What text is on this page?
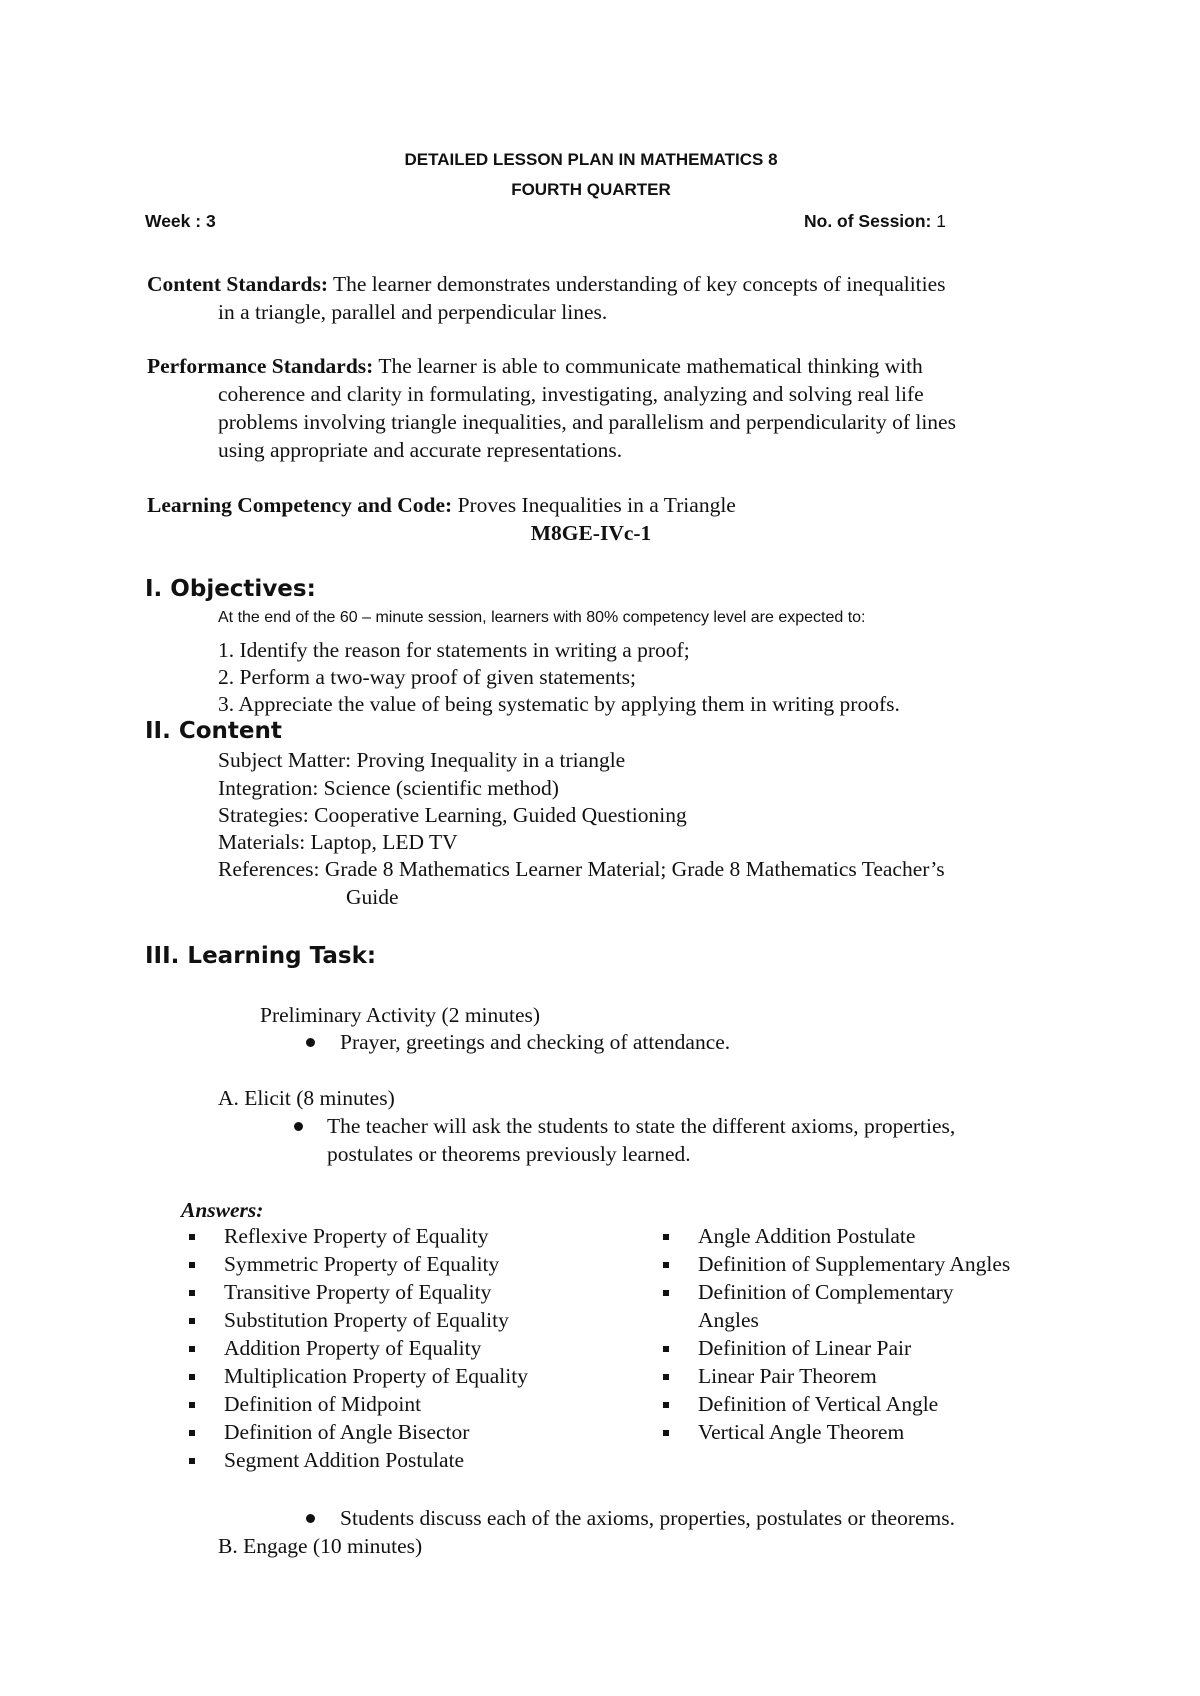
DETAILED LESSON PLAN IN MATHEMATICS 8
FOURTH QUARTER
Week : 3	No. of Session: 1
Content Standards: The learner demonstrates understanding of key concepts of inequalities
in a triangle, parallel and perpendicular lines.
Performance Standards: The learner is able to communicate mathematical thinking with
coherence and clarity in formulating, investigating, analyzing and solving real life
problems involving triangle inequalities, and parallelism and perpendicularity of lines
using appropriate and accurate representations.
Learning Competency and Code: Proves Inequalities in a Triangle
M8GE-IVc-1
I. Objectives:
At the end of the 60 – minute session, learners with 80% competency level are expected to:
1. Identify the reason for statements in writing a proof;
2. Perform a two-way proof of given statements;
3. Appreciate the value of being systematic by applying them in writing proofs.
II. Content
Subject Matter: Proving Inequality in a triangle
Integration: Science (scientific method)
Strategies: Cooperative Learning, Guided Questioning
Materials: Laptop, LED TV
References: Grade 8 Mathematics Learner Material; Grade 8 Mathematics Teacher’s
Guide
III. Learning Task:
Preliminary Activity (2 minutes)
Prayer, greetings and checking of attendance.
A. Elicit (8 minutes)
The teacher will ask the students to state the different axioms, properties,
postulates or theorems previously learned.
Answers:
Reflexive Property of Equality
Symmetric Property of Equality
Transitive Property of Equality
Substitution Property of Equality
Addition Property of Equality
Multiplication Property of Equality
Definition of Midpoint
Definition of Angle Bisector
Segment Addition Postulate
Angle Addition Postulate
Definition of Supplementary Angles
Definition of Complementary
Angles
Definition of Linear Pair
Linear Pair Theorem
Definition of Vertical Angle
Vertical Angle Theorem
Students discuss each of the axioms, properties, postulates or theorems.
B. Engage (10 minutes)
